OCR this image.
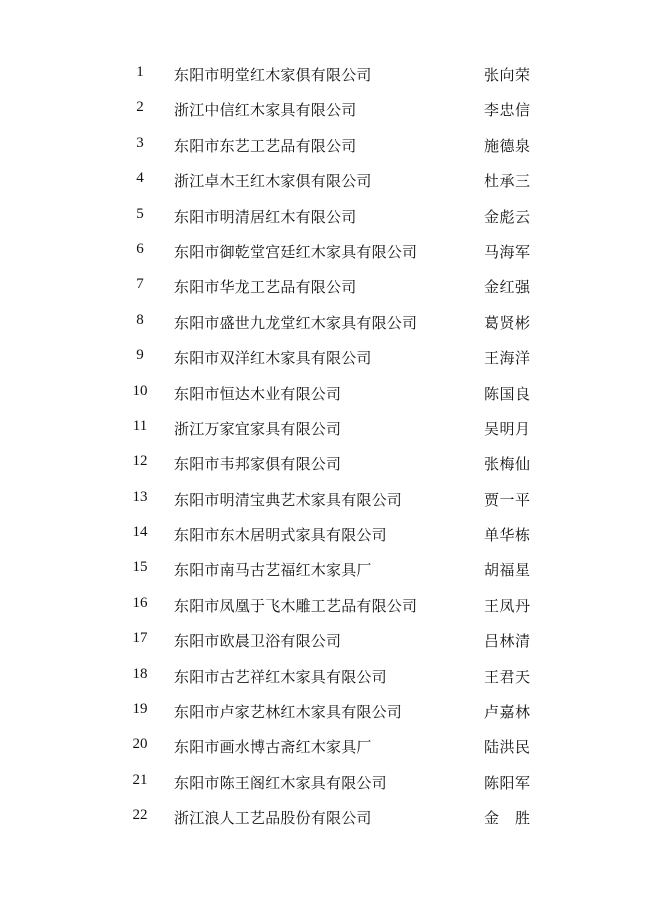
1	东阳市明堂红木家俱有限公司	张向荣
2	浙江中信红木家具有限公司	李忠信
3	东阳市东艺工艺品有限公司	施德泉
4	浙江卓木王红木家俱有限公司	杜承三
5	东阳市明清居红木有限公司	金彪云
6	东阳市御乾堂宫廷红木家具有限公司	马海军
7	东阳市华龙工艺品有限公司	金红强
8	东阳市盛世九龙堂红木家具有限公司	葛贤彬
9	东阳市双洋红木家具有限公司	王海洋
10	东阳市恒达木业有限公司	陈国良
11	浙江万家宜家具有限公司	吴明月
12	东阳市韦邦家俱有限公司	张梅仙
13	东阳市明清宝典艺术家具有限公司	贾一平
14	东阳市东木居明式家具有限公司	单华栋
15	东阳市南马古艺福红木家具厂	胡福星
16	东阳市凤凰于飞木雕工艺品有限公司	王凤丹
17	东阳市欧晨卫浴有限公司	吕林清
18	东阳市古艺祥红木家具有限公司	王君天
19	东阳市卢家艺林红木家具有限公司	卢嘉林
20	东阳市画水博古斋红木家具厂	陆洪民
21	东阳市陈王阁红木家具有限公司	陈阳军
22	浙江浪人工艺品股份有限公司	金　胜
